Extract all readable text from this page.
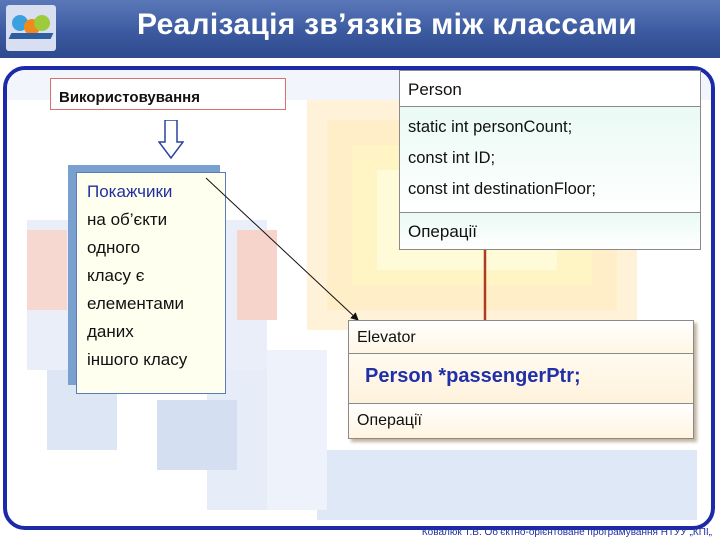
Реалізація зв’язків між классами
Використовування
Покажчики
на об’єкти
одного
класу є
елементами
даних
іншого класу
Person
static int personCount;
const int ID;
const int destinationFloor;
Операції
Elevator
Person *passengerPtr;
Операції
Ковалюк Т.В. Об’єктно-орієнтоване програмування НТУУ „КПІ„
